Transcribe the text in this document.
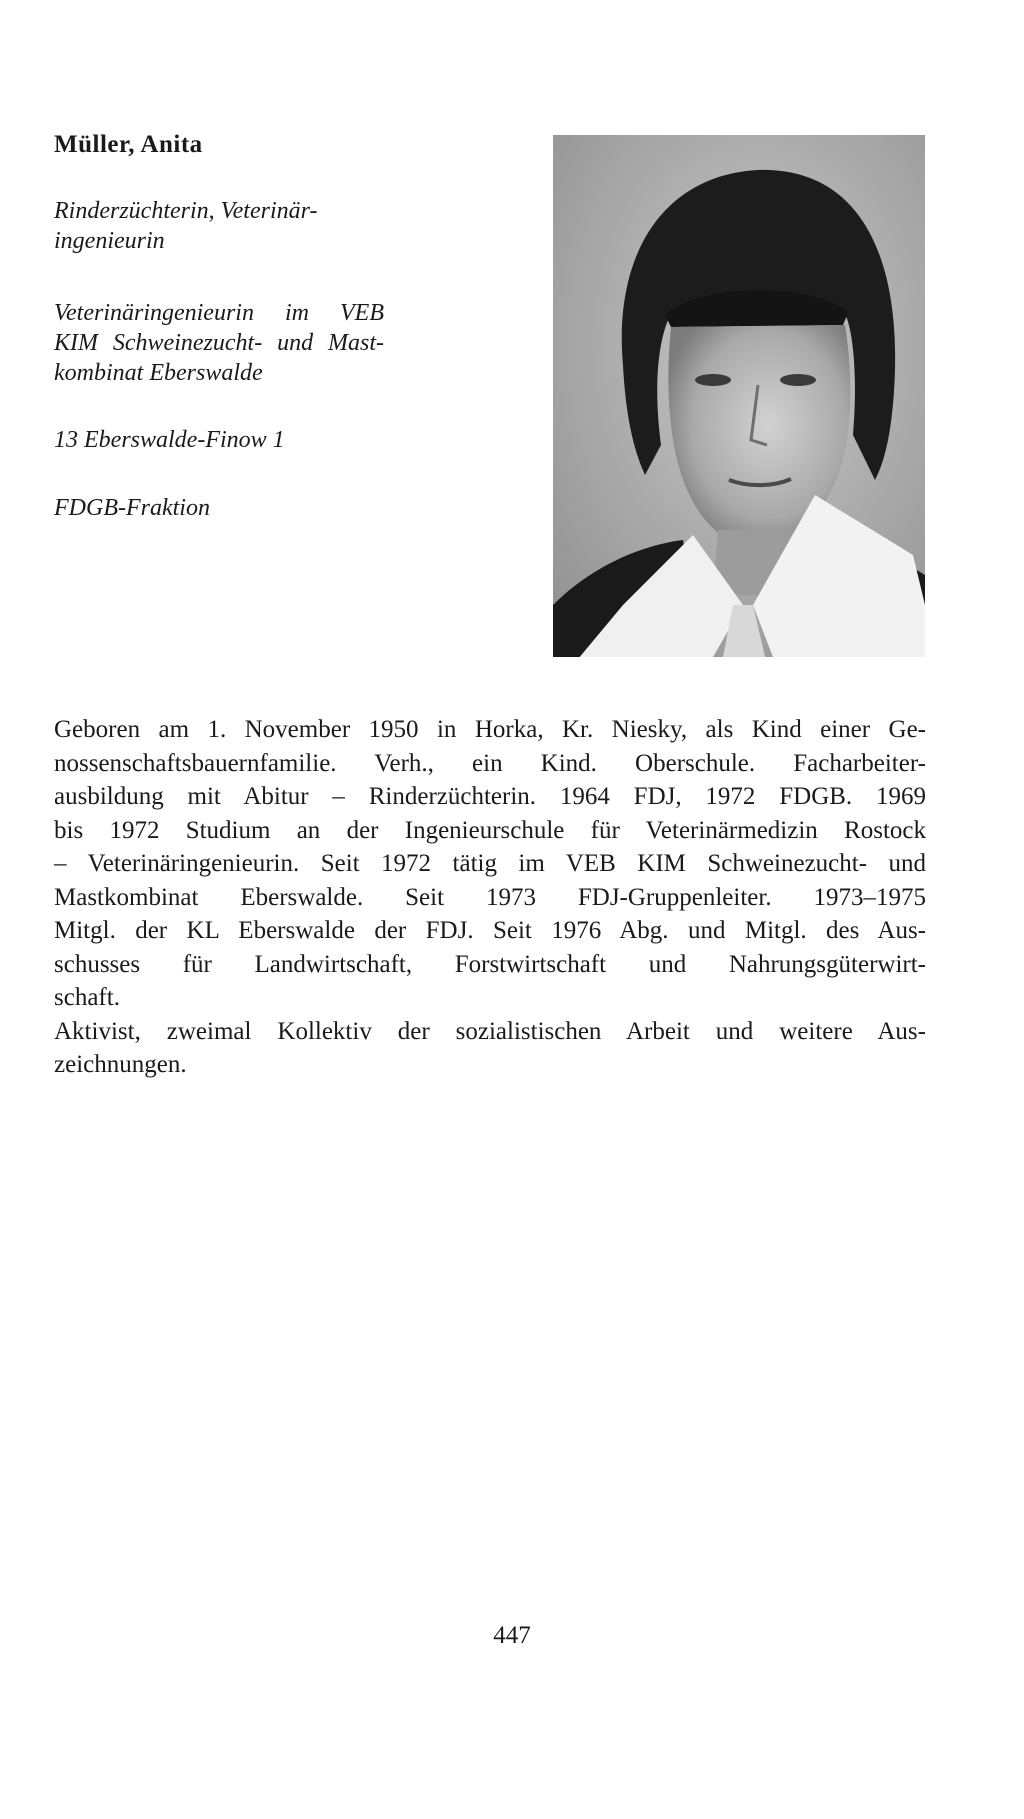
Müller, Anita

Rinderzüchterin, Veterinär-

ingenieurin

Veterinäringenieurin im VEB

KIM Schweinezucht- und Mast-

kombinat Eberswalde

13 Eberswalde-Finow 1
FDGB-Fraktion

Geboren am 1. November 1950 in Horka, Kr. Niesky, als Kind einer Ge-
nossenschaftsbauernfamilie. Verh., ein Kind. Oberschule. Facharbeiter-
ausbildung mit Abitur – Rinderzüchterin. 1964 FDJ, 1972 FDGB. 1969
bis 1972 Studium an der Ingenieurschule für Veterinärmedizin Rostock
– Veterinäringenieurin. Seit 1972 tätig im VEB KIM Schweinezucht- und
Mastkombinat Eberswalde. Seit 1973 FDJ-Gruppenleiter. 1973–1975
Mitgl. der KL Eberswalde der FDJ. Seit 1976 Abg. und Mitgl. des Aus-
schusses für Landwirtschaft, Forstwirtschaft und Nahrungsgüterwirt-
schaft.

Aktivist, zweimal Kollektiv der sozialistischen Arbeit und weitere Aus-
zeichnungen.

447
